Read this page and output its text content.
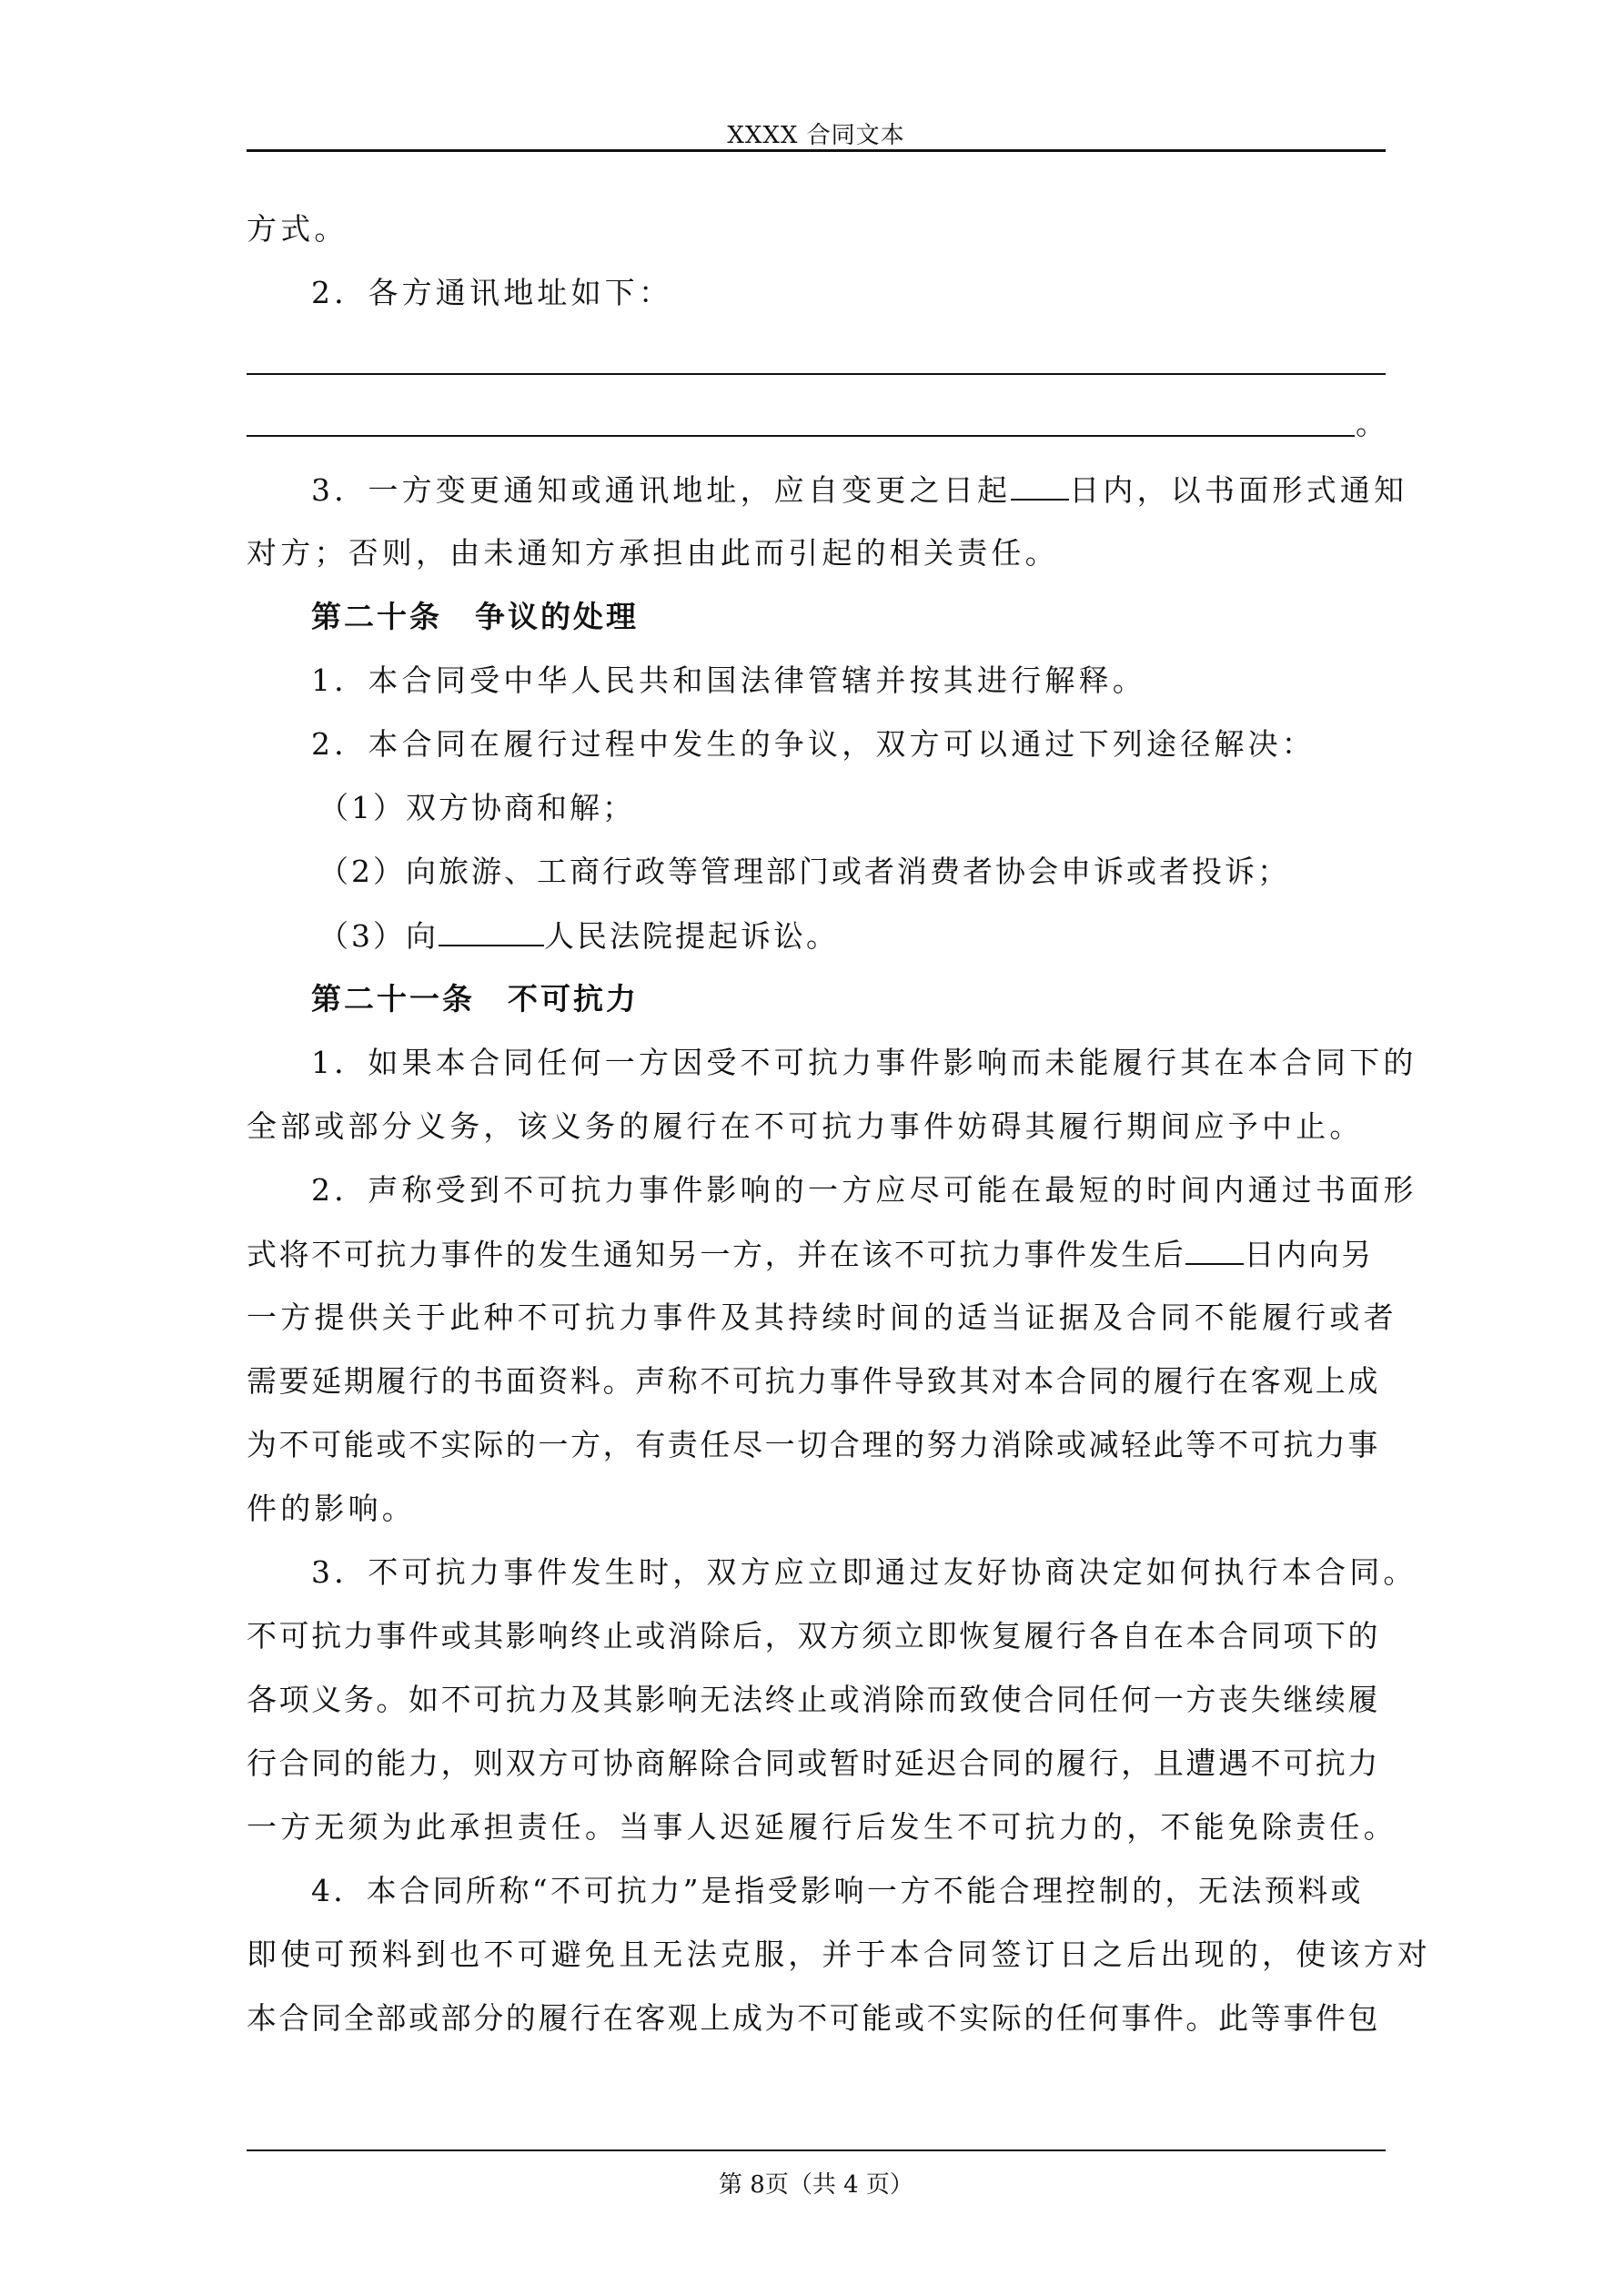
XXXX 合同文本
方式。
2．各方通讯地址如下：
。
3．一方变更通知或通讯地址，应自变更之日起 日内，以书面形式通知
对方；否则，由未通知方承担由此而引起的相关责任。
第二十条　争议的处理
1．本合同受中华人民共和国法律管辖并按其进行解释。
2．本合同在履行过程中发生的争议，双方可以通过下列途径解决：
（1）双方协商和解；
（2）向旅游、工商行政等管理部门或者消费者协会申诉或者投诉；
（3）向	人民法院提起诉讼。
第二十一条　不可抗力
1．如果本合同任何一方因受不可抗力事件影响而未能履行其在本合同下的
全部或部分义务，该义务的履行在不可抗力事件妨碍其履行期间应予中止。
2．声称受到不可抗力事件影响的一方应尽可能在最短的时间内通过书面形
式将不可抗力事件的发生通知另一方，并在该不可抗力事件发生后 日内向另
一方提供关于此种不可抗力事件及其持续时间的适当证据及合同不能履行或者
需要延期履行的书面资料。声称不可抗力事件导致其对本合同的履行在客观上成
为不可能或不实际的一方，有责任尽一切合理的努力消除或减轻此等不可抗力事
件的影响。
3．不可抗力事件发生时，双方应立即通过友好协商决定如何执行本合同。
不可抗力事件或其影响终止或消除后，双方须立即恢复履行各自在本合同项下的
各项义务。如不可抗力及其影响无法终止或消除而致使合同任何一方丧失继续履
行合同的能力，则双方可协商解除合同或暂时延迟合同的履行，且遭遇不可抗力
一方无须为此承担责任。当事人迟延履行后发生不可抗力的，不能免除责任。
4．本合同所称“不可抗力”是指受影响一方不能合理控制的，无法预料或
即使可预料到也不可避免且无法克服，并于本合同签订日之后出现的，使该方对
本合同全部或部分的履行在客观上成为不可能或不实际的任何事件。此等事件包
第 8页（共 4 页）
